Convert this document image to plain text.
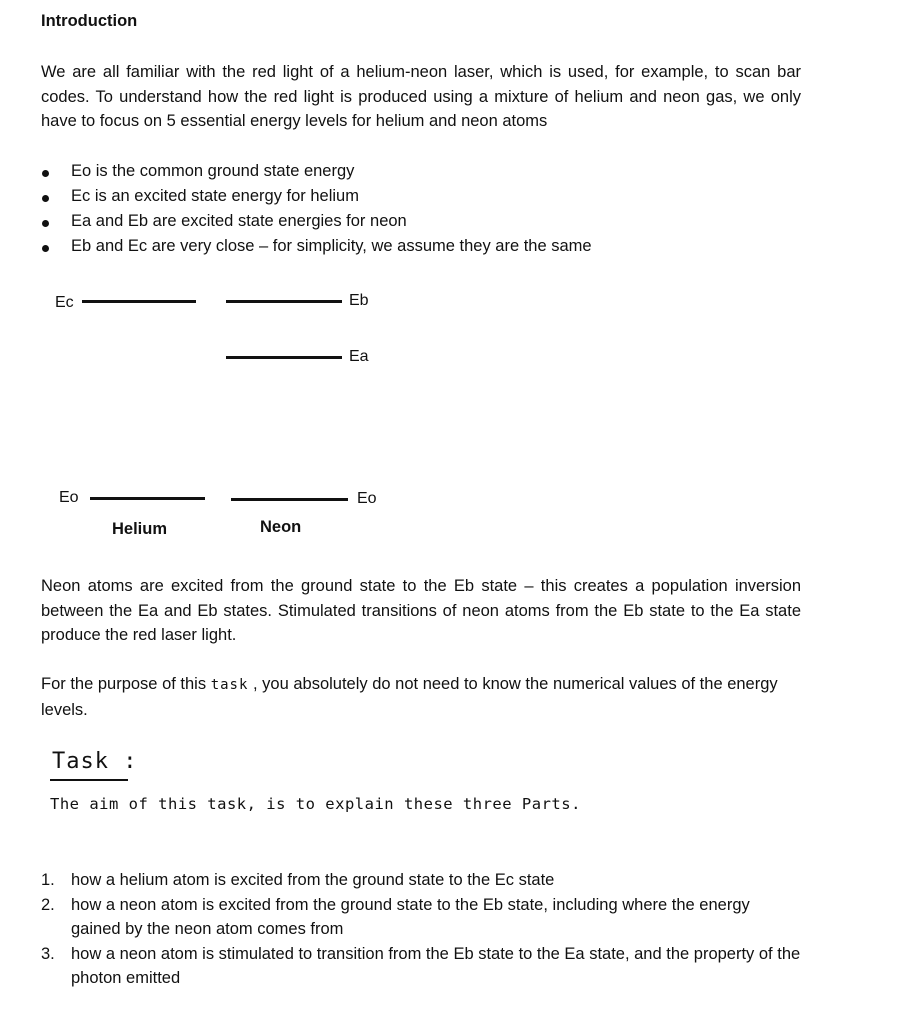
Introduction
We are all familiar with the red light of a helium-neon laser, which is used, for example, to scan bar codes. To understand how the red light is produced using a mixture of helium and neon gas, we only have to focus on 5 essential energy levels for helium and neon atoms
Eo is the common ground state energy
Ec is an excited state energy for helium
Ea and Eb are excited state energies for neon
Eb and Ec are very close – for simplicity, we assume they are the same
Ec	Eb
Ea
Eo	Eo
Helium	Neon
Neon atoms are excited from the ground state to the Eb state – this creates a population inversion between the Ea and Eb states. Stimulated transitions of neon atoms from the Eb state to the Ea state produce the red laser light.
For the purpose of this task , you absolutely do not need to know the numerical values of the energy levels.
Task :
The aim of this task, is to explain these three Parts.
1. how a helium atom is excited from the ground state to the Ec state
2. how a neon atom is excited from the ground state to the Eb state, including where the energy gained by the neon atom comes from
3. how a neon atom is stimulated to transition from the Eb state to the Ea state, and the property of the photon emitted
